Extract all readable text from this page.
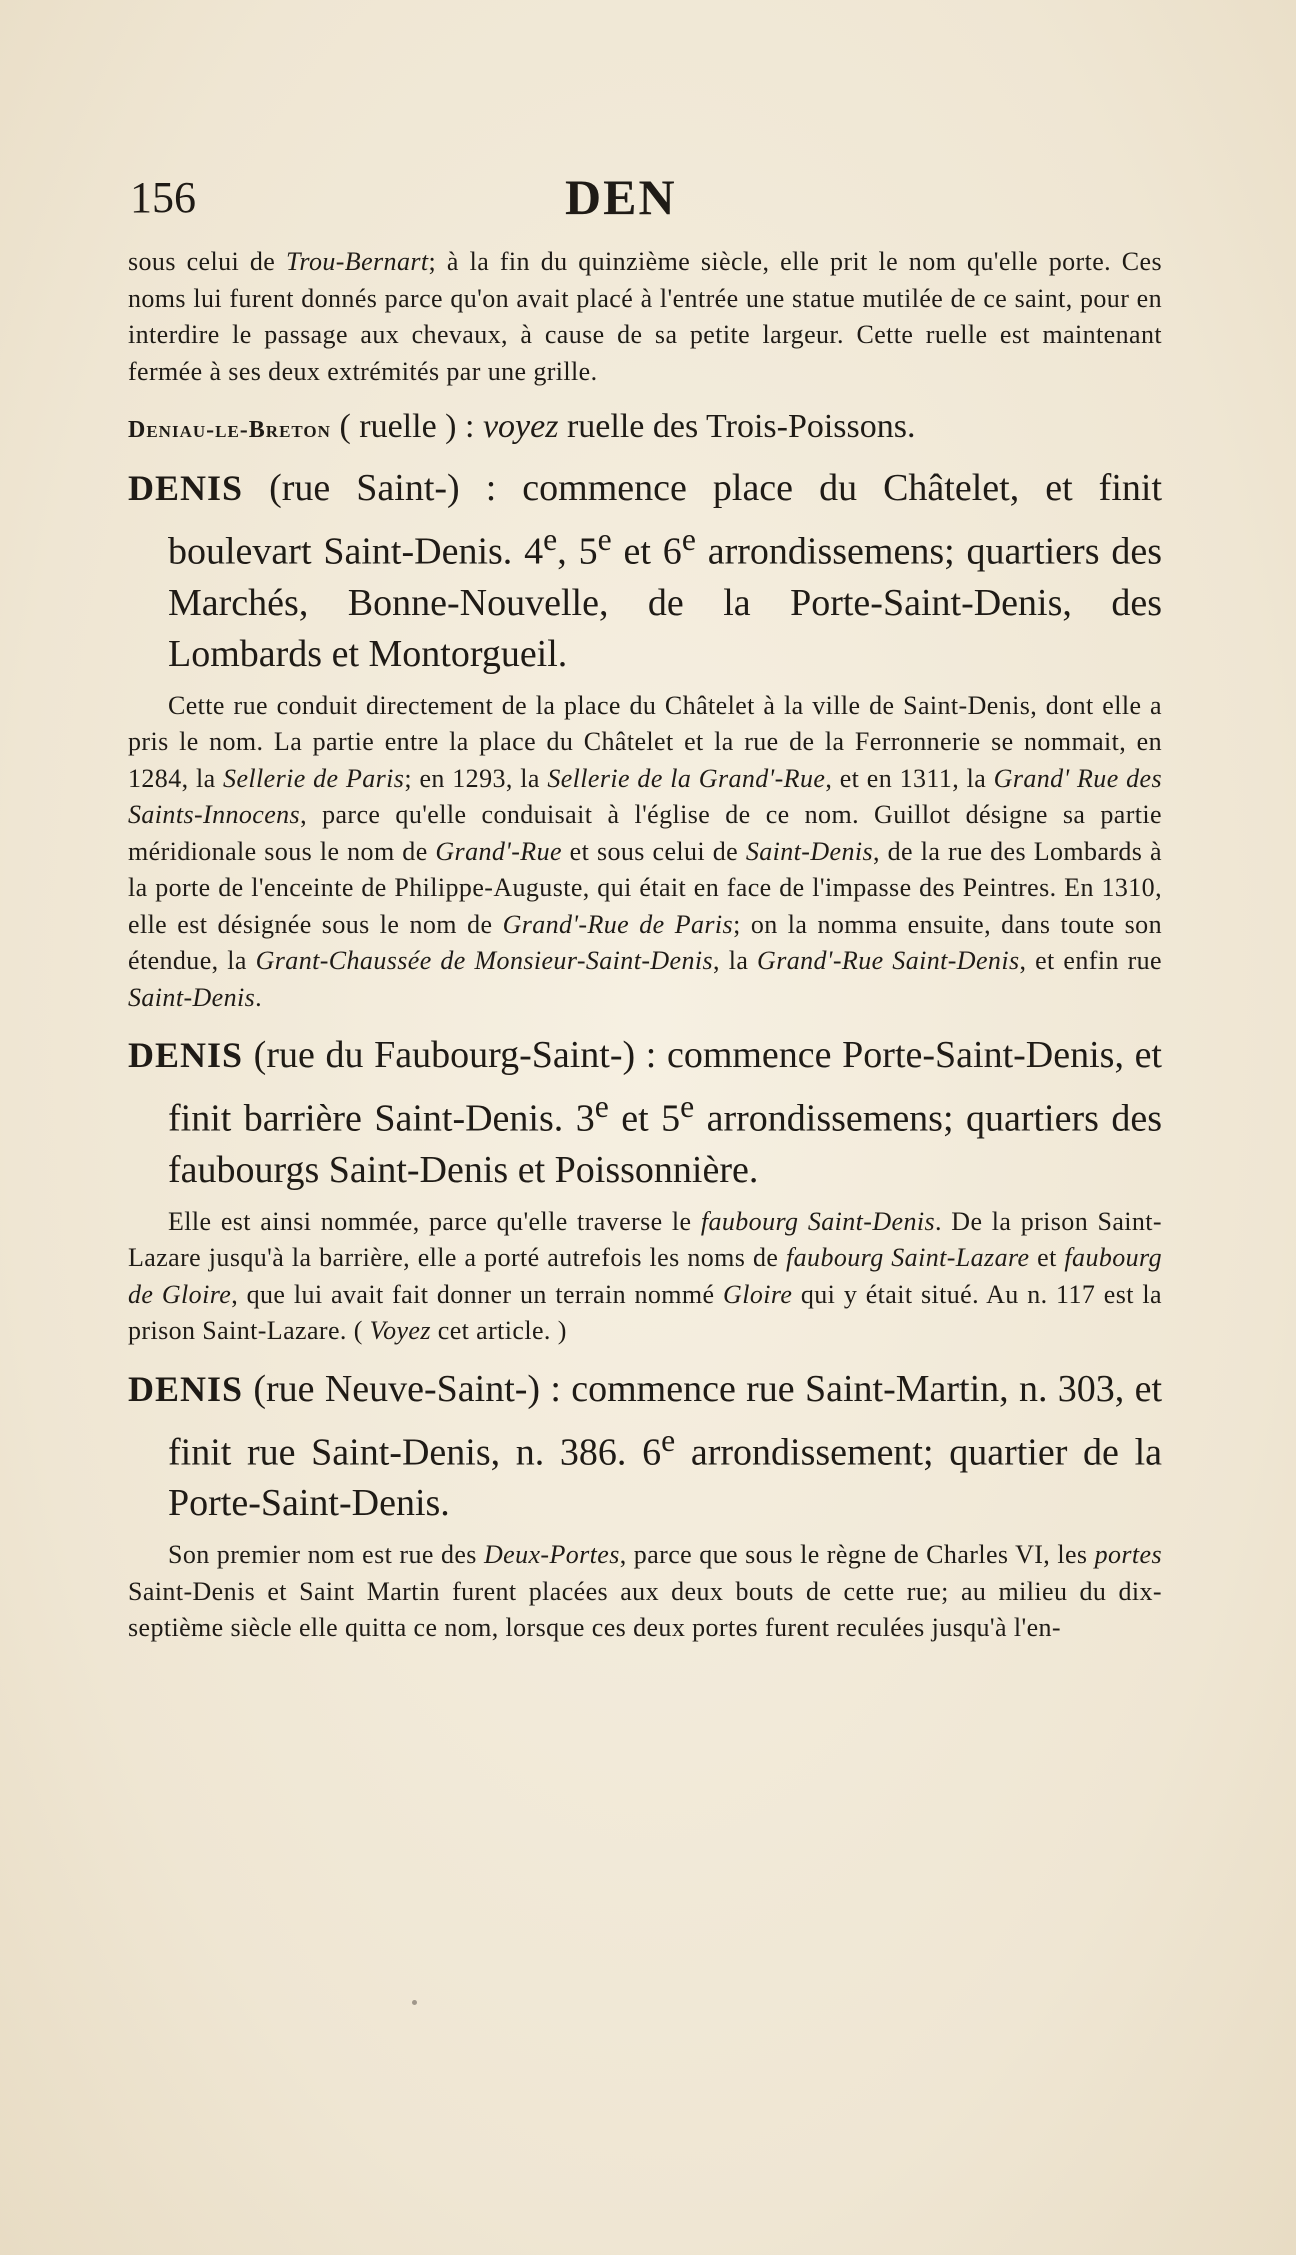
156	DEN

sous celui de Trou-Bernart; à la fin du quinzième siècle, elle prit le nom qu'elle porte. Ces noms lui furent donnés parce qu'on avait placé à l'entrée une statue mutilée de ce saint, pour en interdire le passage aux chevaux, à cause de sa petite largeur. Cette ruelle est maintenant fermée à ses deux extrémités par une grille.

Deniau-le-Breton ( ruelle ) : voyez ruelle des Trois-Poissons.

DENIS (rue Saint-) : commence place du Châtelet, et finit boulevart Saint-Denis. 4e, 5e et 6e arrondissemens; quartiers des Marchés, Bonne-Nouvelle, de la Porte-Saint-Denis, des Lombards et Montorgueil.

Cette rue conduit directement de la place du Châtelet à la ville de Saint-Denis, dont elle a pris le nom. La partie entre la place du Châtelet et la rue de la Ferronnerie se nommait, en 1284, la Sellerie de Paris; en 1293, la Sellerie de la Grand'-Rue, et en 1311, la Grand' Rue des Saints-Innocens, parce qu'elle conduisait à l'église de ce nom. Guillot désigne sa partie méridionale sous le nom de Grand'-Rue et sous celui de Saint-Denis, de la rue des Lombards à la porte de l'enceinte de Philippe-Auguste, qui était en face de l'impasse des Peintres. En 1310, elle est désignée sous le nom de Grand'-Rue de Paris; on la nomma ensuite, dans toute son étendue, la Grant-Chaussée de Monsieur-Saint-Denis, la Grand'-Rue Saint-Denis, et enfin rue Saint-Denis.

DENIS (rue du Faubourg-Saint-) : commence Porte-Saint-Denis, et finit barrière Saint-Denis. 3e et 5e arrondissemens; quartiers des faubourgs Saint-Denis et Poissonnière.

Elle est ainsi nommée, parce qu'elle traverse le faubourg Saint-Denis. De la prison Saint-Lazare jusqu'à la barrière, elle a porté autrefois les noms de faubourg Saint-Lazare et faubourg de Gloire, que lui avait fait donner un terrain nommé Gloire qui y était situé. Au n. 117 est la prison Saint-Lazare. ( Voyez cet article. )

DENIS (rue Neuve-Saint-) : commence rue Saint-Martin, n. 303, et finit rue Saint-Denis, n. 386. 6e arrondissement; quartier de la Porte-Saint-Denis.

Son premier nom est rue des Deux-Portes, parce que sous le règne de Charles VI, les portes Saint-Denis et Saint Martin furent placées aux deux bouts de cette rue; au milieu du dix-septième siècle elle quitta ce nom, lorsque ces deux portes furent reculées jusqu'à l'en-
